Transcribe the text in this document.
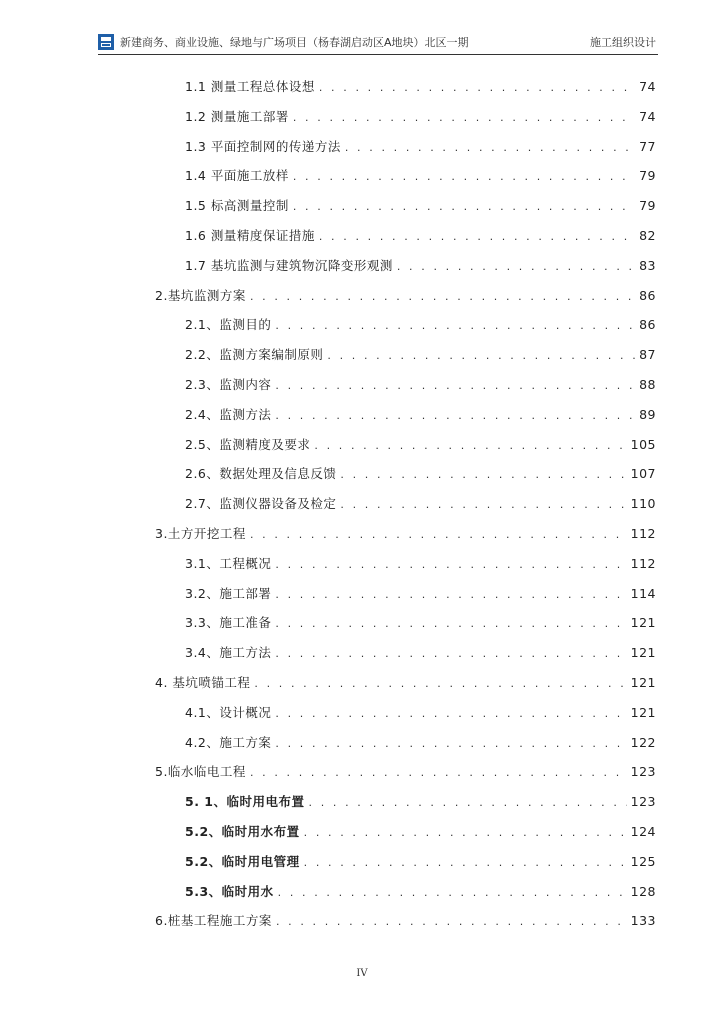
新建商务、商业设施、绿地与广场项目（杨春湖启动区A地块）北区一期	施工组织设计
1.1 测量工程总体设想 . . .	74
1.2 测量施工部署 . . .	74
1.3 平面控制网的传递方法 . . .	77
1.4 平面施工放样 . . .	79
1.5 标高测量控制 . . .	79
1.6 测量精度保证措施 . . .	82
1.7 基坑监测与建筑物沉降变形观测 . . .	83
2.基坑监测方案 . . .	86
2.1、监测目的 . . .	86
2.2、监测方案编制原则 . . .	87
2.3、监测内容 . . .	88
2.4、监测方法 . . .	89
2.5、监测精度及要求 . . .	105
2.6、数据处理及信息反馈 . . .	107
2.7、监测仪器设备及检定 . . .	110
3.土方开挖工程 . . .	112
3.1、工程概况 . . .	112
3.2、施工部署 . . .	114
3.3、施工准备 . . .	121
3.4、施工方法 . . .	121
4. 基坑喷锚工程 . . .	121
4.1、设计概况 . . .	121
4.2、施工方案 . . .	122
5.临水临电工程 . . .	123
5. 1、临时用电布置 . . .	123
5.2、临时用水布置 . . .	124
5.2、临时用电管理 . . .	125
5.3、临时用水 . . .	128
6.桩基工程施工方案 . . .	133
IV
